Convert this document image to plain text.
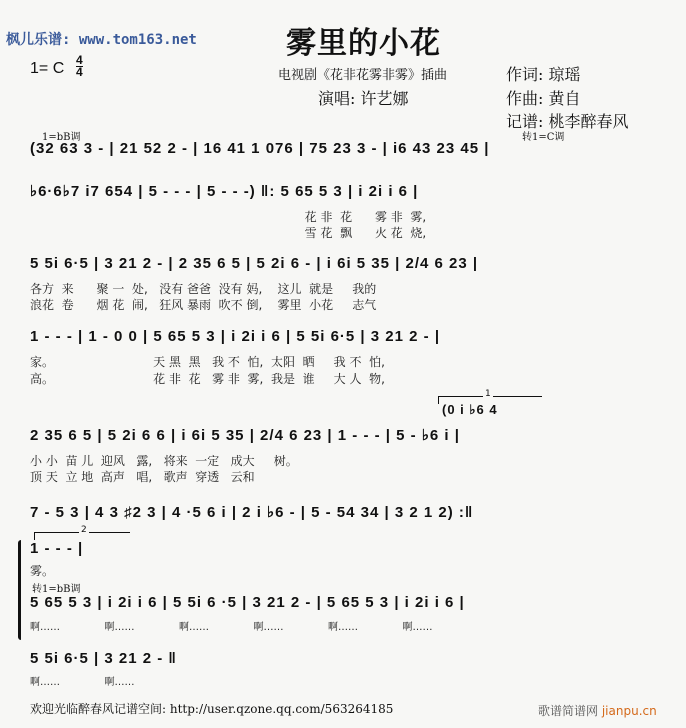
枫儿乐谱: www.tom163.net	雾里的小花
1= C 4
4	电视剧《花非花雾非雾》插曲
演唱: 许艺娜
作词: 琼瑶
作曲: 黄自
记谱: 桃李醉春风
1=bB调	转1=C调
(32 63 3 - | 21 52 2 - | 16 41 1 076 | 75 23 3 - | i6 43 23 45 |
♭6·6♭7 i7 654 | 5 - - - | 5 - - -) ‖: 5 65 5 3 | i 2i i 6 |
花 非  花      雾 非  雾,
雪 花  飘      火 花  烧,
5 5i 6·5 | 3 21 2 - | 2 35 6 5 | 5 2i 6 - | i 6i 5 35 | 2/4 6 23 |
各方  来      聚 一  处,   没有 爸爸  没有 妈,    这儿  就是     我的
浪花  卷      烟 花  闹,   狂风 暴雨  吹不 倒,    雾里  小花     志气
1 - - - | 1 - 0 0 | 5 65 5 3 | i 2i i 6 | 5 5i 6·5 | 3 21 2 - |
家。                          天 黑  黑   我 不  怕,  太阳  晒     我 不  怕,
高。                          花 非  花   雾 非  雾,  我是  谁     大 人  物,
1
(0 i ♭6 4
2 35 6 5 | 5 2i 6 6 | i 6i 5 35 | 2/4 6 23 | 1 - - - | 5 - ♭6 i |
小 小  苗 儿  迎风   露,   将来  一定   成大     树。
顶 天  立 地  高声   唱,   歌声  穿透   云和
7 - 5 3 | 4 3 ♯2 3 | 4 ·5 6 i | 2 i ♭6 - | 5 - 54 34 | 3 2 1 2) :‖
2
1 - - - |
雾。
转1=bB调
5 65 5 3 | i 2i i 6 | 5 5i 6 ·5 | 3 21 2 - | 5 65 5 3 | i 2i i 6 |
啊……              啊……              啊……              啊……              啊……              啊……
5 5i 6·5 | 3 21 2 - ‖
啊……              啊……
欢迎光临醉春风记谱空间: http://user.qzone.qq.com/563264185	歌谱简谱网 jianpu.cn
